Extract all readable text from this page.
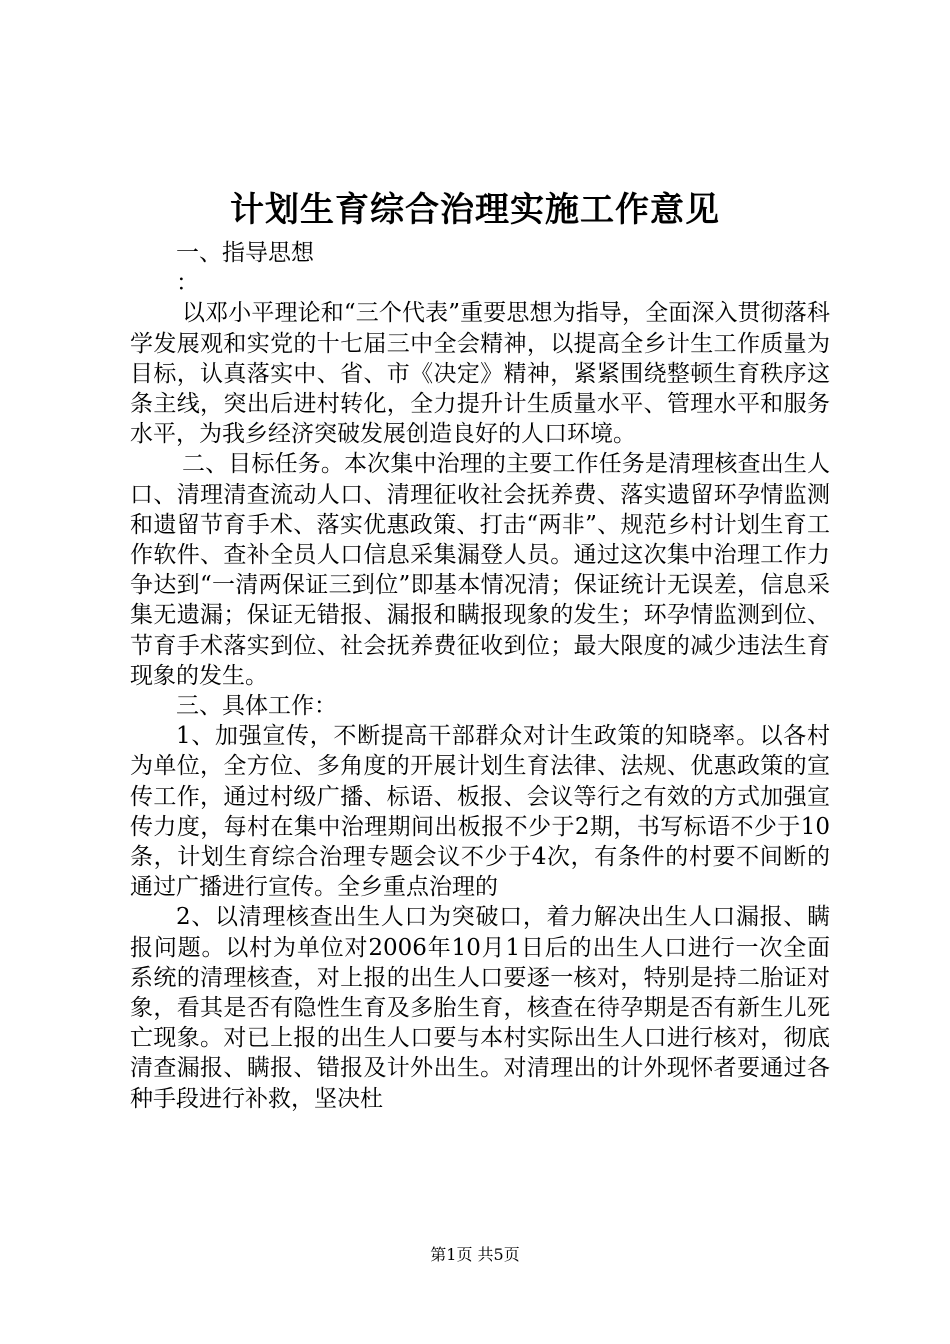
计划生育综合治理实施工作意见

一、指导思想

：

以邓小平理论和“三个代表”重要思想为指导，全面深入贯彻落科学发展观和实党的十七届三中全会精神，以提高全乡计生工作质量为目标，认真落实中、省、市《决定》精神，紧紧围绕整顿生育秩序这条主线，突出后进村转化，全力提升计生质量水平、管理水平和服务水平，为我乡经济突破发展创造良好的人口环境。

二、目标任务。本次集中治理的主要工作任务是清理核查出生人口、清理清查流动人口、清理征收社会抚养费、落实遗留环孕情监测和遗留节育手术、落实优惠政策、打击“两非”、规范乡村计划生育工作软件、查补全员人口信息采集漏登人员。通过这次集中治理工作力争达到“一清两保证三到位”即基本情况清；保证统计无误差，信息采集无遗漏；保证无错报、漏报和瞒报现象的发生；环孕情监测到位、节育手术落实到位、社会抚养费征收到位；最大限度的减少违法生育现象的发生。

三、具体工作：

1、加强宣传，不断提高干部群众对计生政策的知晓率。以各村为单位，全方位、多角度的开展计划生育法律、法规、优惠政策的宣传工作，通过村级广播、标语、板报、会议等行之有效的方式加强宣传力度，每村在集中治理期间出板报不少于2期，书写标语不少于10条，计划生育综合治理专题会议不少于4次，有条件的村要不间断的通过广播进行宣传。全乡重点治理的

2、以清理核查出生人口为突破口，着力解决出生人口漏报、瞒报问题。以村为单位对2006年10月1日后的出生人口进行一次全面系统的清理核查，对上报的出生人口要逐一核对，特别是持二胎证对象，看其是否有隐性生育及多胎生育，核查在待孕期是否有新生儿死亡现象。对已上报的出生人口要与本村实际出生人口进行核对，彻底清查漏报、瞒报、错报及计外出生。对清理出的计外现怀者要通过各种手段进行补救，坚决杜

第1页 共5页
